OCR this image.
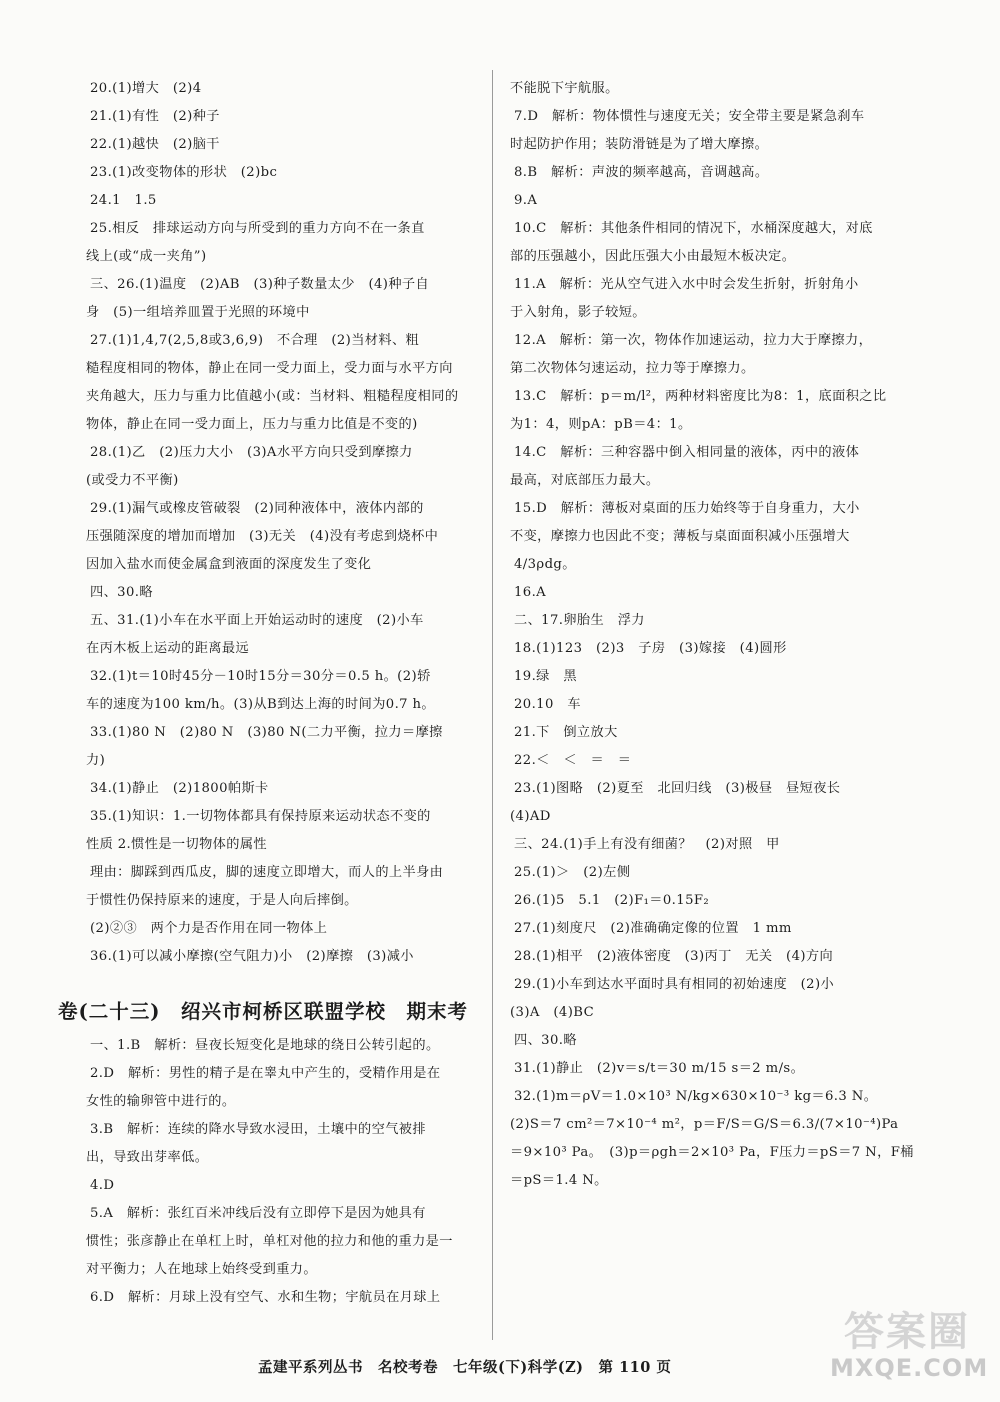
20.(1)增大　(2)4
21.(1)有性　(2)种子
22.(1)越快　(2)脑干
23.(1)改变物体的形状　(2)bc
24.1　1.5
25.相反　排球运动方向与所受到的重力方向不在一条直
线上(或“成一夹角”)
三、26.(1)温度　(2)AB　(3)种子数量太少　(4)种子自
身　(5)一组培养皿置于光照的环境中
27.(1)1,4,7(2,5,8或3,6,9)　不合理　(2)当材料、粗
糙程度相同的物体，静止在同一受力面上，受力面与水平方向
夹角越大，压力与重力比值越小(或：当材料、粗糙程度相同的
物体，静止在同一受力面上，压力与重力比值是不变的)
28.(1)乙　(2)压力大小　(3)A水平方向只受到摩擦力
(或受力不平衡)
29.(1)漏气或橡皮管破裂　(2)同种液体中，液体内部的
压强随深度的增加而增加　(3)无关　(4)没有考虑到烧杯中
因加入盐水而使金属盒到液面的深度发生了变化
四、30.略
五、31.(1)小车在水平面上开始运动时的速度　(2)小车
在丙木板上运动的距离最远
32.(1)t＝10时45分－10时15分＝30分＝0.5 h。(2)轿
车的速度为100 km/h。(3)从B到达上海的时间为0.7 h。
33.(1)80 N　(2)80 N　(3)80 N(二力平衡，拉力＝摩擦
力)
34.(1)静止　(2)1800帕斯卡
35.(1)知识：1.一切物体都具有保持原来运动状态不变的
性质 2.惯性是一切物体的属性
理由：脚踩到西瓜皮，脚的速度立即增大，而人的上半身由
于惯性仍保持原来的速度，于是人向后摔倒。
(2)②③　两个力是否作用在同一物体上
36.(1)可以减小摩擦(空气阻力)小　(2)摩擦　(3)减小
卷(二十三)　绍兴市柯桥区联盟学校　期末考
一、1.B　解析：昼夜长短变化是地球的绕日公转引起的。
2.D　解析：男性的精子是在睾丸中产生的，受精作用是在
女性的输卵管中进行的。
3.B　解析：连续的降水导致水浸田，土壤中的空气被排
出，导致出芽率低。
4.D
5.A　解析：张红百米冲线后没有立即停下是因为她具有
惯性；张彦静止在单杠上时，单杠对他的拉力和他的重力是一
对平衡力；人在地球上始终受到重力。
6.D　解析：月球上没有空气、水和生物；宇航员在月球上
不能脱下宇航服。
7.D　解析：物体惯性与速度无关；安全带主要是紧急刹车
时起防护作用；装防滑链是为了增大摩擦。
8.B　解析：声波的频率越高，音调越高。
9.A
10.C　解析：其他条件相同的情况下，水桶深度越大，对底
部的压强越小，因此压强大小由最短木板决定。
11.A　解析：光从空气进入水中时会发生折射，折射角小
于入射角，影子较短。
12.A　解析：第一次，物体作加速运动，拉力大于摩擦力，
第二次物体匀速运动，拉力等于摩擦力。
13.C　解析：p＝m/l²，两种材料密度比为8：1，底面积之比
为1：4，则pA：pB＝4：1。
14.C　解析：三种容器中倒入相同量的液体，丙中的液体
最高，对底部压力最大。
15.D　解析：薄板对桌面的压力始终等于自身重力，大小
不变，摩擦力也因此不变；薄板与桌面面积减小压强增大
4/3ρdg。
16.A
二、17.卵胎生　浮力
18.(1)123　(2)3　子房　(3)嫁接　(4)圆形
19.绿　黑
20.10　车
21.下　倒立放大
22.＜　＜　＝　＝
23.(1)图略　(2)夏至　北回归线　(3)极昼　昼短夜长
(4)AD
三、24.(1)手上有没有细菌？　(2)对照　甲
25.(1)＞　(2)左侧
26.(1)5　5.1　(2)F₁＝0.15F₂
27.(1)刻度尺　(2)准确确定像的位置　1 mm
28.(1)相平　(2)液体密度　(3)丙丁　无关　(4)方向
29.(1)小车到达水平面时具有相同的初始速度　(2)小
(3)A　(4)BC
四、30.略
31.(1)静止　(2)v＝s/t＝30 m/15 s＝2 m/s。
32.(1)m＝ρV＝1.0×10³ N/kg×630×10⁻³ kg＝6.3 N。
(2)S＝7 cm²＝7×10⁻⁴ m²，p＝F/S＝G/S＝6.3/(7×10⁻⁴)Pa
＝9×10³ Pa。　(3)p＝ρgh＝2×10³ Pa，F压力＝pS＝7 N，F桶
＝pS＝1.4 N。
孟建平系列丛书　名校考卷　七年级(下)科学(Z)　第 110 页
答案圈
MXQE.COM
